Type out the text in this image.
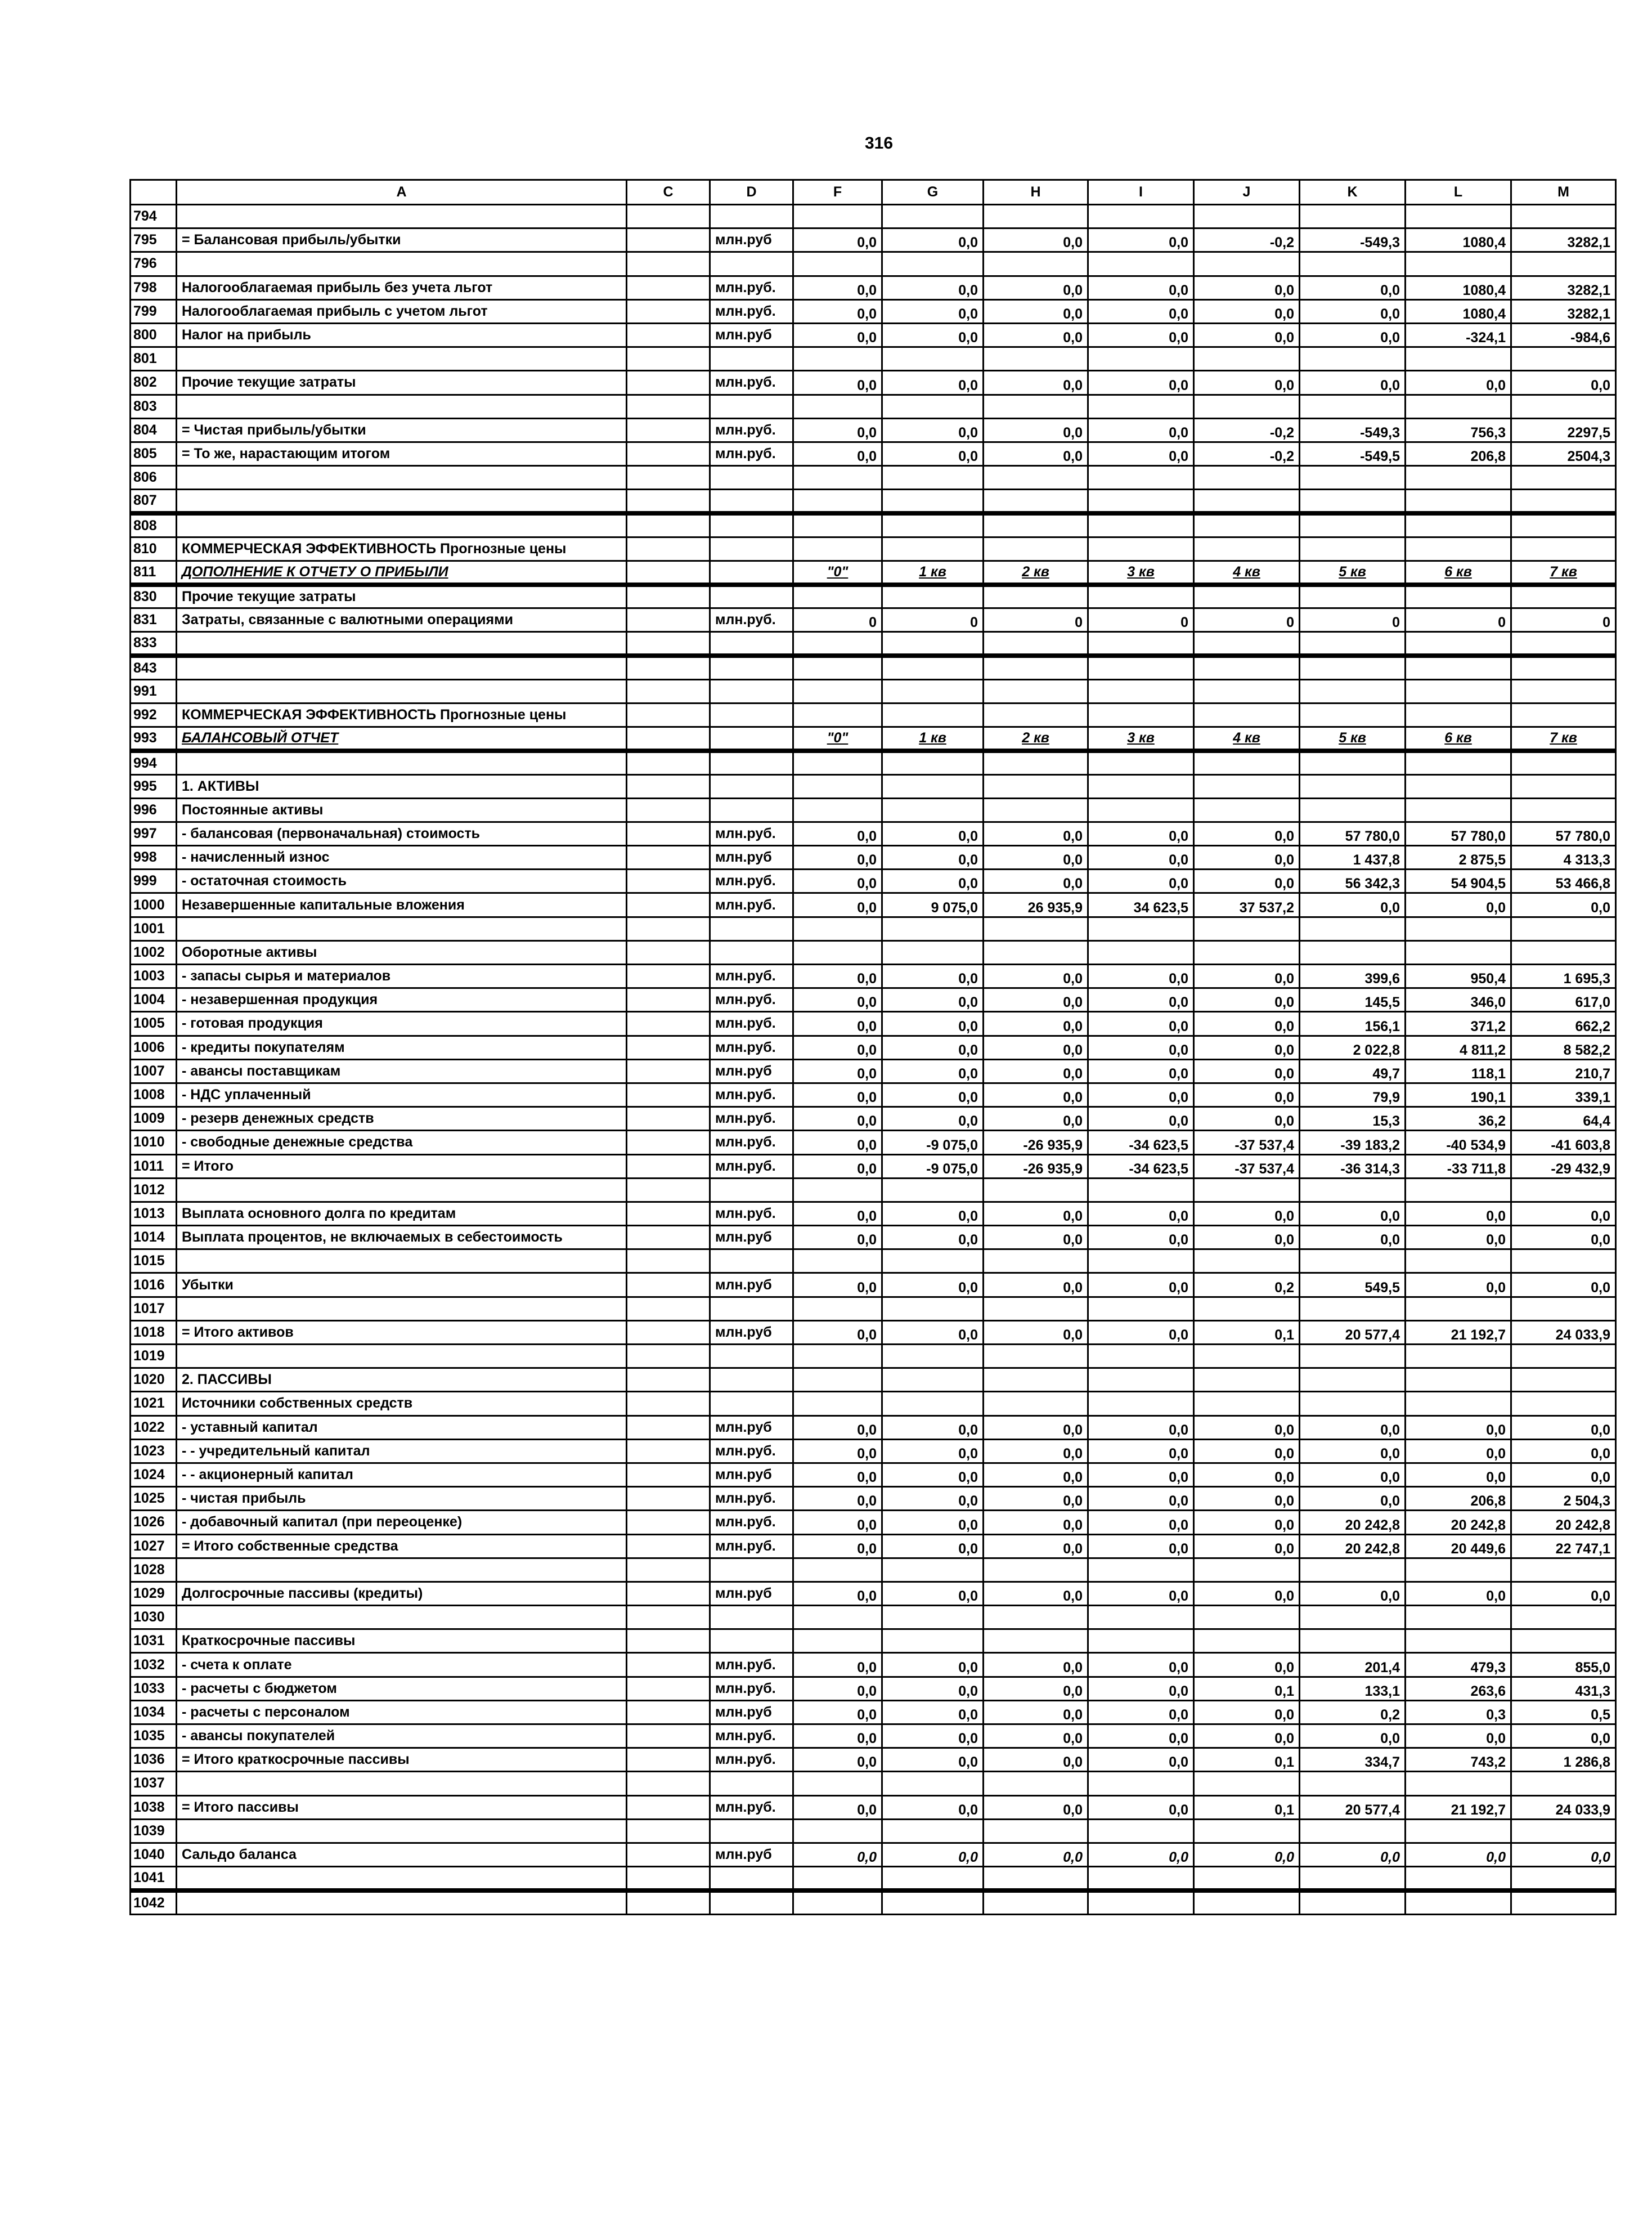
316
	A	C	D	F	G	H	I	J	K	L	M
794											
795	= Балансовая прибыль/убытки		млн.руб	0,0	0,0	0,0	0,0	-0,2	-549,3	1080,4	3282,1
796											
798	Налогооблагаемая прибыль без учета льгот		млн.руб.	0,0	0,0	0,0	0,0	0,0	0,0	1080,4	3282,1
799	Налогооблагаемая прибыль с учетом льгот		млн.руб.	0,0	0,0	0,0	0,0	0,0	0,0	1080,4	3282,1
800	Налог на прибыль		млн.руб	0,0	0,0	0,0	0,0	0,0	0,0	-324,1	-984,6
801											
802	Прочие текущие затраты		млн.руб.	0,0	0,0	0,0	0,0	0,0	0,0	0,0	0,0
803											
804	= Чистая прибыль/убытки		млн.руб.	0,0	0,0	0,0	0,0	-0,2	-549,3	756,3	2297,5
805	= То же, нарастающим итогом		млн.руб.	0,0	0,0	0,0	0,0	-0,2	-549,5	206,8	2504,3
806											
807											
808											
810	КОММЕРЧЕСКАЯ ЭФФЕКТИВНОСТЬ Прогнозные цены										
811	ДОПОЛНЕНИЕ К ОТЧЕТУ О ПРИБЫЛИ			"0"	1 кв	2 кв	3 кв	4 кв	5 кв	6 кв	7 кв
830	Прочие текущие затраты										
831	Затраты, связанные с валютными операциями		млн.руб.	0	0	0	0	0	0	0	0
833											
843											
991											
992	КОММЕРЧЕСКАЯ ЭФФЕКТИВНОСТЬ Прогнозные цены										
993	БАЛАНСОВЫЙ ОТЧЕТ			"0"	1 кв	2 кв	3 кв	4 кв	5 кв	6 кв	7 кв
994											
995	1. АКТИВЫ										
996	Постоянные активы										
997	- балансовая (первоначальная) стоимость		млн.руб.	0,0	0,0	0,0	0,0	0,0	57 780,0	57 780,0	57 780,0
998	- начисленный износ		млн.руб	0,0	0,0	0,0	0,0	0,0	1 437,8	2 875,5	4 313,3
999	- остаточная стоимость		млн.руб.	0,0	0,0	0,0	0,0	0,0	56 342,3	54 904,5	53 466,8
1000	Незавершенные капитальные вложения		млн.руб.	0,0	9 075,0	26 935,9	34 623,5	37 537,2	0,0	0,0	0,0
1001											
1002	Оборотные активы										
1003	- запасы сырья и материалов		млн.руб.	0,0	0,0	0,0	0,0	0,0	399,6	950,4	1 695,3
1004	- незавершенная продукция		млн.руб.	0,0	0,0	0,0	0,0	0,0	145,5	346,0	617,0
1005	- готовая продукция		млн.руб.	0,0	0,0	0,0	0,0	0,0	156,1	371,2	662,2
1006	- кредиты покупателям		млн.руб.	0,0	0,0	0,0	0,0	0,0	2 022,8	4 811,2	8 582,2
1007	- авансы поставщикам		млн.руб	0,0	0,0	0,0	0,0	0,0	49,7	118,1	210,7
1008	- НДС уплаченный		млн.руб.	0,0	0,0	0,0	0,0	0,0	79,9	190,1	339,1
1009	- резерв денежных средств		млн.руб.	0,0	0,0	0,0	0,0	0,0	15,3	36,2	64,4
1010	- свободные денежные средства		млн.руб.	0,0	-9 075,0	-26 935,9	-34 623,5	-37 537,4	-39 183,2	-40 534,9	-41 603,8
1011	= Итого		млн.руб.	0,0	-9 075,0	-26 935,9	-34 623,5	-37 537,4	-36 314,3	-33 711,8	-29 432,9
1012											
1013	Выплата основного долга по кредитам		млн.руб.	0,0	0,0	0,0	0,0	0,0	0,0	0,0	0,0
1014	Выплата процентов, не включаемых в себестоимость		млн.руб	0,0	0,0	0,0	0,0	0,0	0,0	0,0	0,0
1015											
1016	Убытки		млн.руб	0,0	0,0	0,0	0,0	0,2	549,5	0,0	0,0
1017											
1018	= Итого активов		млн.руб	0,0	0,0	0,0	0,0	0,1	20 577,4	21 192,7	24 033,9
1019											
1020	2. ПАССИВЫ										
1021	Источники собственных средств										
1022	- уставный капитал		млн.руб	0,0	0,0	0,0	0,0	0,0	0,0	0,0	0,0
1023	- - учредительный капитал		млн.руб.	0,0	0,0	0,0	0,0	0,0	0,0	0,0	0,0
1024	- - акционерный капитал		млн.руб	0,0	0,0	0,0	0,0	0,0	0,0	0,0	0,0
1025	- чистая прибыль		млн.руб.	0,0	0,0	0,0	0,0	0,0	0,0	206,8	2 504,3
1026	- добавочный капитал (при переоценке)		млн.руб.	0,0	0,0	0,0	0,0	0,0	20 242,8	20 242,8	20 242,8
1027	= Итого собственные средства		млн.руб.	0,0	0,0	0,0	0,0	0,0	20 242,8	20 449,6	22 747,1
1028											
1029	Долгосрочные пассивы (кредиты)		млн.руб	0,0	0,0	0,0	0,0	0,0	0,0	0,0	0,0
1030											
1031	Краткосрочные пассивы										
1032	- счета к оплате		млн.руб.	0,0	0,0	0,0	0,0	0,0	201,4	479,3	855,0
1033	- расчеты с бюджетом		млн.руб.	0,0	0,0	0,0	0,0	0,1	133,1	263,6	431,3
1034	- расчеты с персоналом		млн.руб	0,0	0,0	0,0	0,0	0,0	0,2	0,3	0,5
1035	- авансы покупателей		млн.руб.	0,0	0,0	0,0	0,0	0,0	0,0	0,0	0,0
1036	= Итого краткосрочные пассивы		млн.руб.	0,0	0,0	0,0	0,0	0,1	334,7	743,2	1 286,8
1037											
1038	= Итого пассивы		млн.руб.	0,0	0,0	0,0	0,0	0,1	20 577,4	21 192,7	24 033,9
1039											
1040	Сальдо баланса		млн.руб	0,0	0,0	0,0	0,0	0,0	0,0	0,0	0,0
1041											
1042											
